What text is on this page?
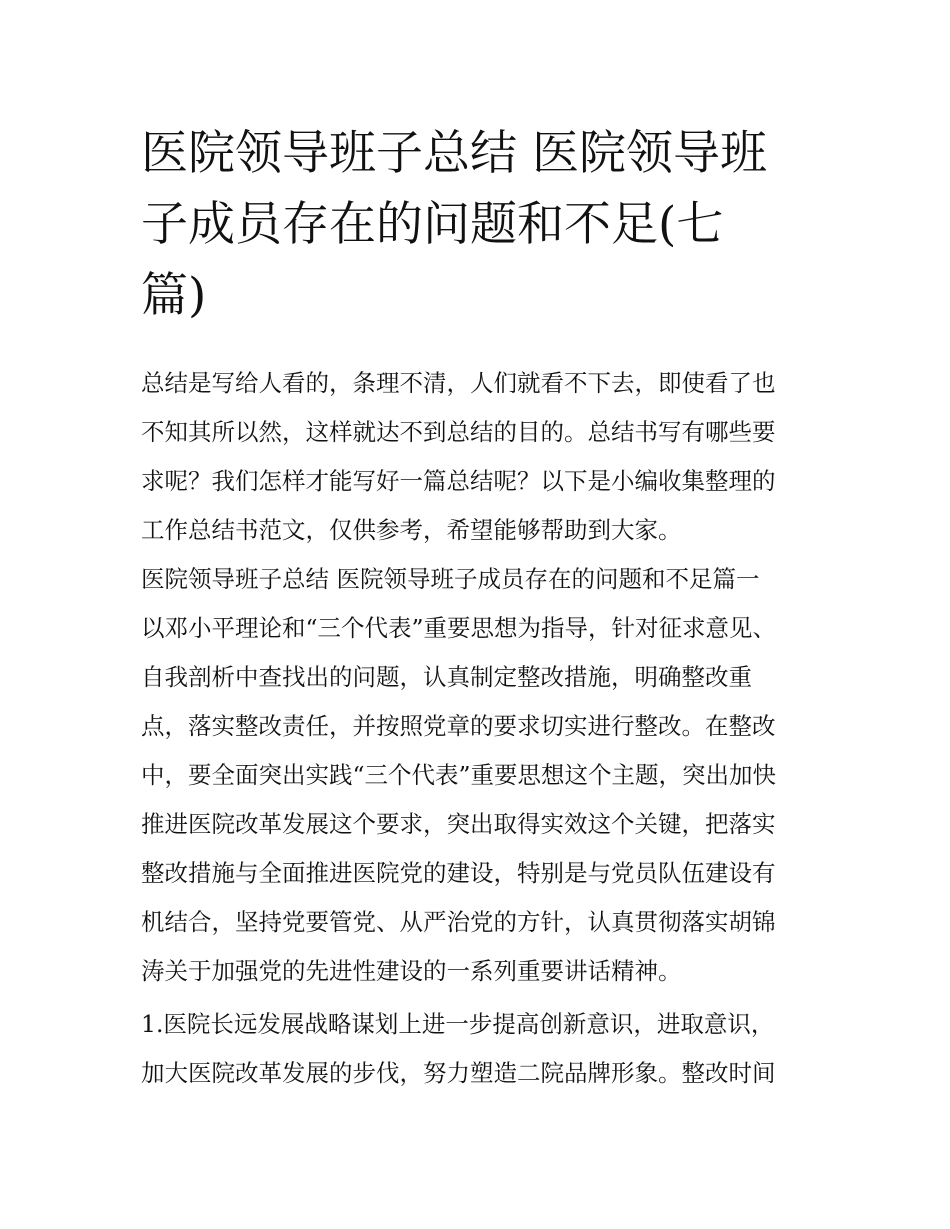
医院领导班子总结 医院领导班
子成员存在的问题和不足(七
篇)
总结是写给人看的，条理不清，人们就看不下去，即使看了也
不知其所以然，这样就达不到总结的目的。总结书写有哪些要
求呢？我们怎样才能写好一篇总结呢？以下是小编收集整理的
工作总结书范文，仅供参考，希望能够帮助到大家。
医院领导班子总结 医院领导班子成员存在的问题和不足篇一
以邓小平理论和“三个代表”重要思想为指导，针对征求意见、
自我剖析中查找出的问题，认真制定整改措施，明确整改重
点，落实整改责任，并按照党章的要求切实进行整改。在整改
中，要全面突出实践“三个代表”重要思想这个主题，突出加快
推进医院改革发展这个要求，突出取得实效这个关键，把落实
整改措施与全面推进医院党的建设，特别是与党员队伍建设有
机结合，坚持党要管党、从严治党的方针，认真贯彻落实胡锦
涛关于加强党的先进性建设的一系列重要讲话精神。
1.医院长远发展战略谋划上进一步提高创新意识，进取意识，
加大医院改革发展的步伐，努力塑造二院品牌形象。整改时间
